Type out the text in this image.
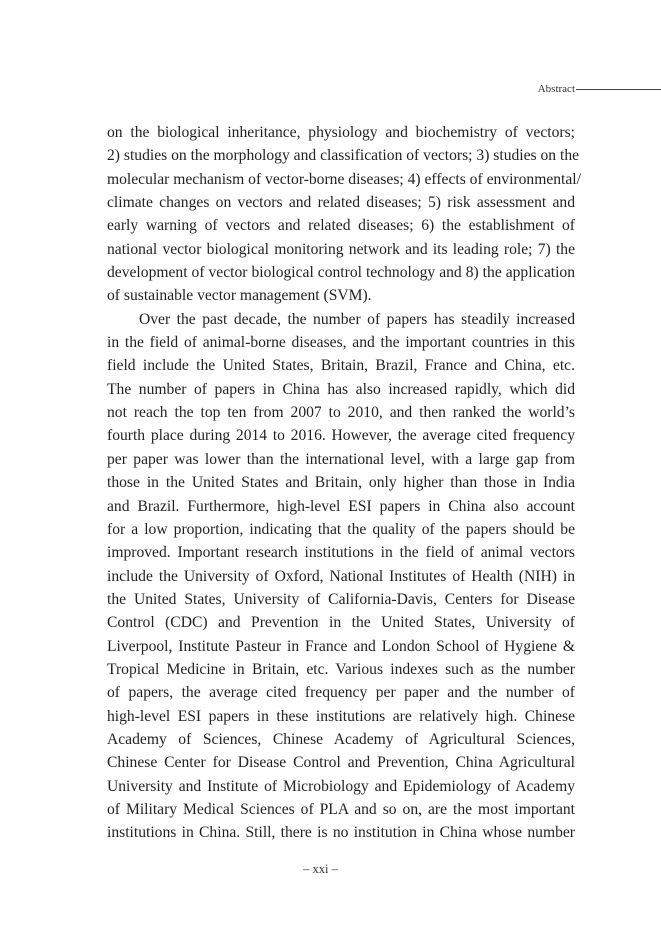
Abstract
on the biological inheritance, physiology and biochemistry of vectors;
2) studies on the morphology and classification of vectors; 3) studies on the
molecular mechanism of vector-borne diseases; 4) effects of environmental/
climate changes on vectors and related diseases; 5) risk assessment and
early warning of vectors and related diseases; 6) the establishment of
national vector biological monitoring network and its leading role; 7) the
development of vector biological control technology and 8) the application
of sustainable vector management (SVM).
Over the past decade, the number of papers has steadily increased
in the field of animal-borne diseases, and the important countries in this
field include the United States, Britain, Brazil, France and China, etc.
The number of papers in China has also increased rapidly, which did
not reach the top ten from 2007 to 2010, and then ranked the world’s
fourth place during 2014 to 2016. However, the average cited frequency
per paper was lower than the international level, with a large gap from
those in the United States and Britain, only higher than those in India
and Brazil. Furthermore, high-level ESI papers in China also account
for a low proportion, indicating that the quality of the papers should be
improved. Important research institutions in the field of animal vectors
include the University of Oxford, National Institutes of Health (NIH) in
the United States, University of California-Davis, Centers for Disease
Control (CDC) and Prevention in the United States, University of
Liverpool, Institute Pasteur in France and London School of Hygiene &
Tropical Medicine in Britain, etc. Various indexes such as the number
of papers, the average cited frequency per paper and the number of
high-level ESI papers in these institutions are relatively high. Chinese
Academy of Sciences, Chinese Academy of Agricultural Sciences,
Chinese Center for Disease Control and Prevention, China Agricultural
University and Institute of Microbiology and Epidemiology of Academy
of Military Medical Sciences of PLA and so on, are the most important
institutions in China. Still, there is no institution in China whose number
– xxi –
